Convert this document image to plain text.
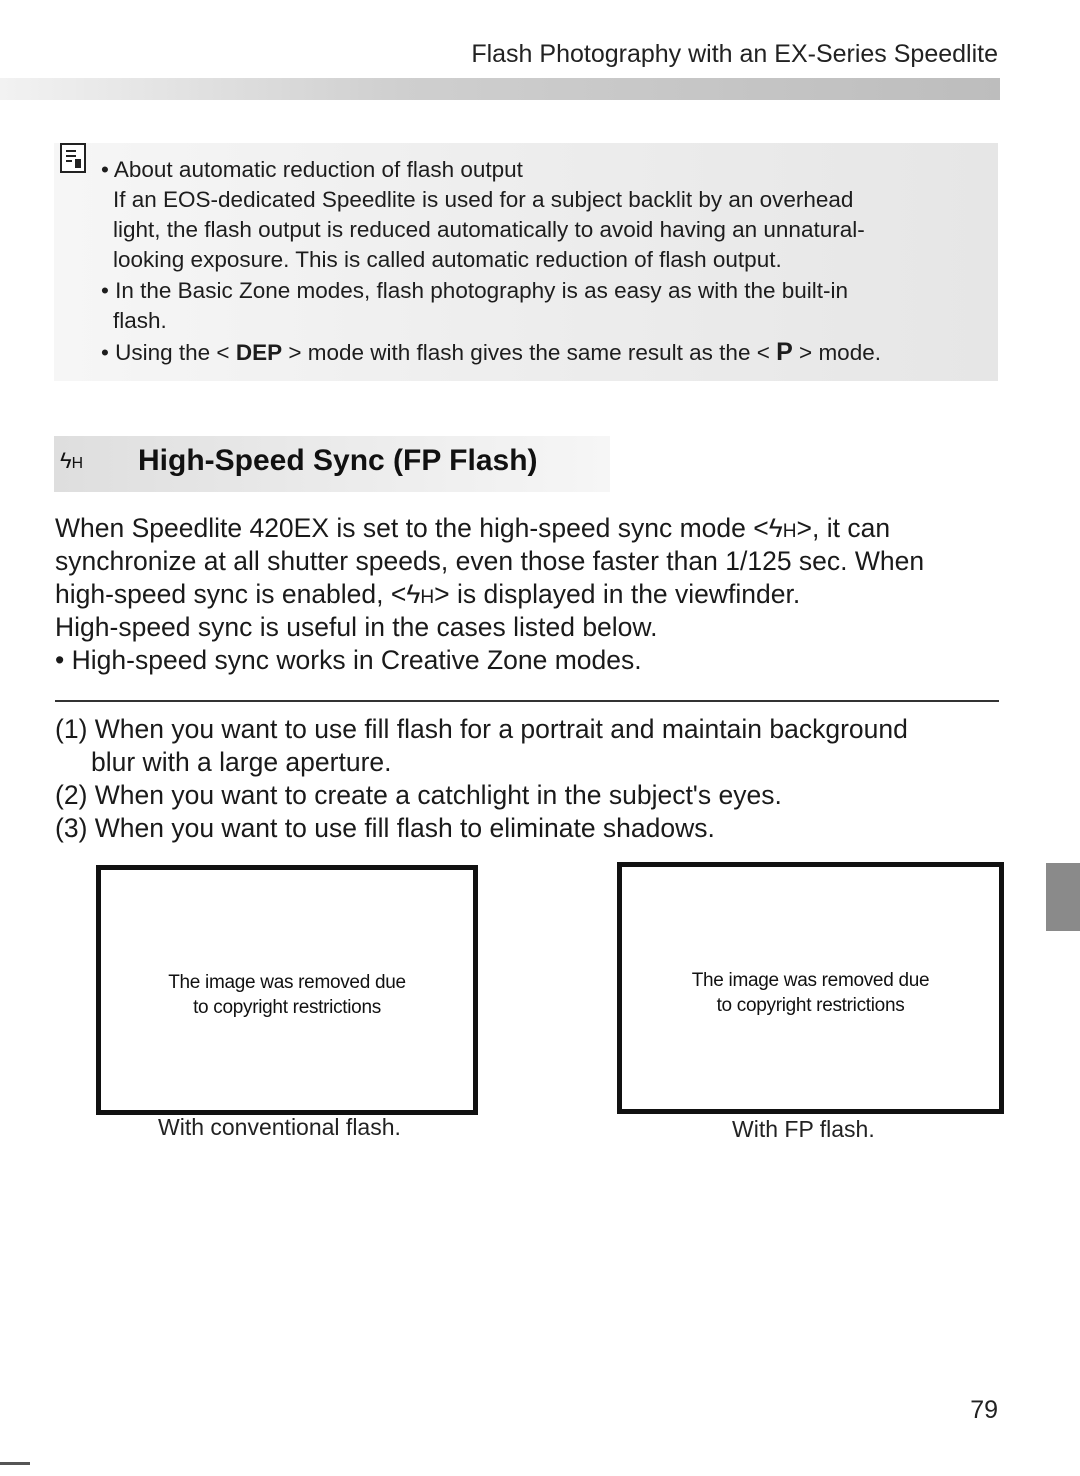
Flash Photography with an EX-Series Speedlite
• About automatic reduction of flash output
If an EOS-dedicated Speedlite is used for a subject backlit by an overhead
light, the flash output is reduced automatically to avoid having an unnatural-
looking exposure. This is called automatic reduction of flash output.
• In the Basic Zone modes, flash photography is as easy as with the built-in
flash.
• Using the < DEP > mode with flash gives the same result as the < P > mode.
ϟH High-Speed Sync (FP Flash)
When Speedlite 420EX is set to the high-speed sync mode <ϟH>, it can
synchronize at all shutter speeds, even those faster than 1/125 sec. When
high-speed sync is enabled, <ϟH> is displayed in the viewfinder.
High-speed sync is useful in the cases listed below.
• High-speed sync works in Creative Zone modes.
(1) When you want to use fill flash for a portrait and maintain background
blur with a large aperture.
(2) When you want to create a catchlight in the subject's eyes.
(3) When you want to use fill flash to eliminate shadows.
The image was removed due
to copyright restrictions
With conventional flash.
The image was removed due
to copyright restrictions
With FP flash.
79
